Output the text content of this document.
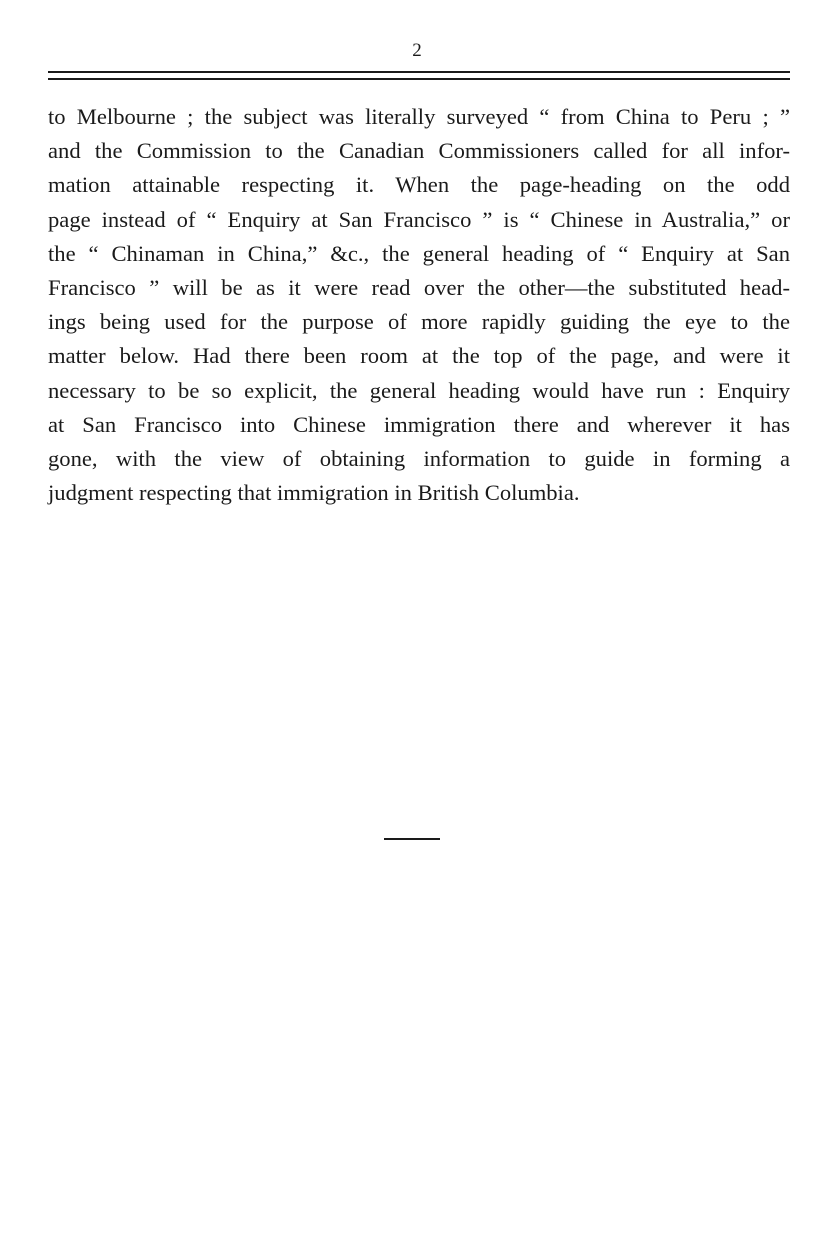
2
to Melbourne ; the subject was literally surveyed “ from China to Peru ; ”
and the Commission to the Canadian Commissioners called for all infor-
mation attainable respecting it. When the page-heading on the odd
page instead of “ Enquiry at San Francisco ” is “ Chinese in Australia,” or
the “ Chinaman in China,” &c., the general heading of “ Enquiry at San
Francisco ” will be as it were read over the other—the substituted head-
ings being used for the purpose of more rapidly guiding the eye to the
matter below. Had there been room at the top of the page, and were it
necessary to be so explicit, the general heading would have run : Enquiry
at San Francisco into Chinese immigration there and wherever it has
gone, with the view of obtaining information to guide in forming a
judgment respecting that immigration in British Columbia.
